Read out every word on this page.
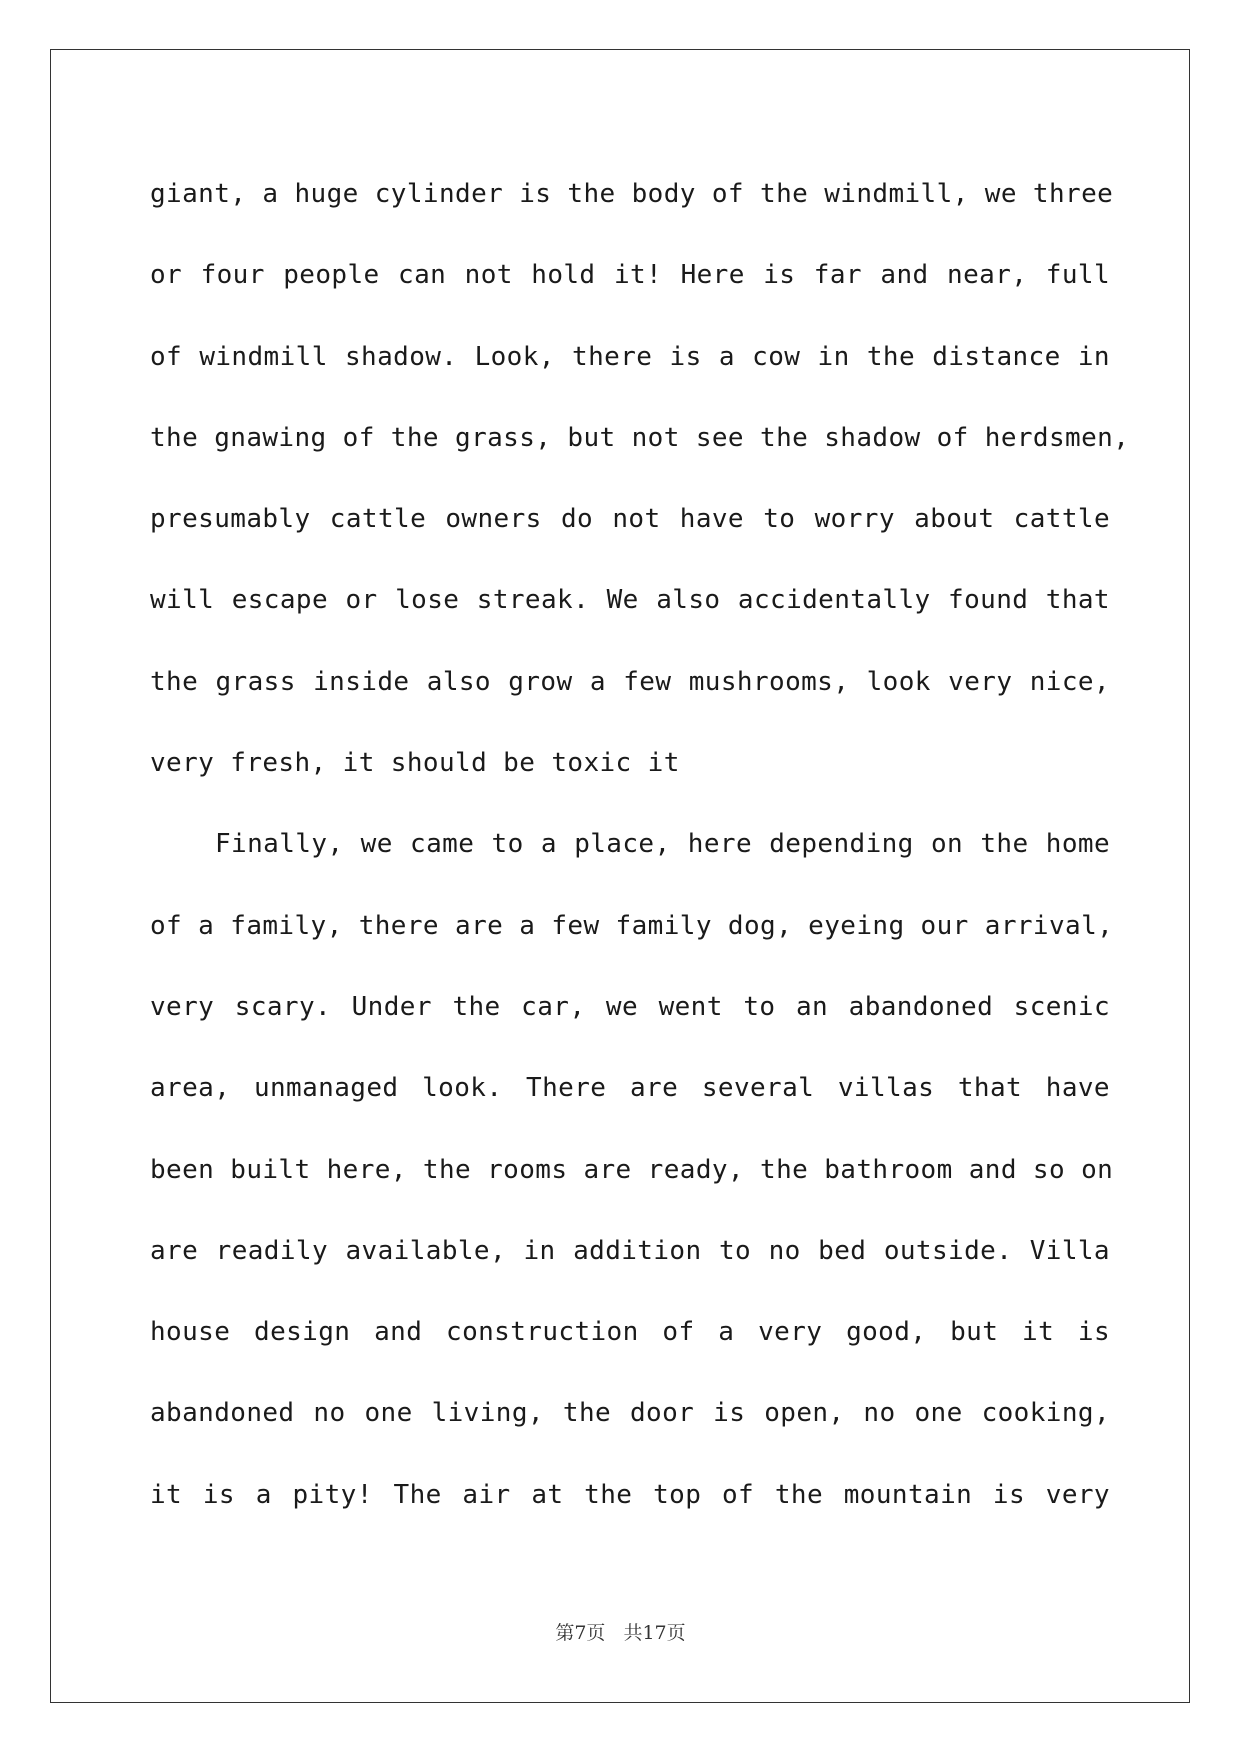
giant, a huge cylinder is the body of the windmill, we three
or four people can not hold it! Here is far and near, full
of windmill shadow. Look, there is a cow in the distance in
the gnawing of the grass, but not see the shadow of herdsmen,
presumably cattle owners do not have to worry about cattle
will escape or lose streak. We also accidentally found that
the grass inside also grow a few mushrooms, look very nice,
very fresh, it should be toxic it
Finally, we came to a place, here depending on the home
of a family, there are a few family dog, eyeing our arrival,
very scary. Under the car, we went to an abandoned scenic
area, unmanaged look. There are several villas that have
been built here, the rooms are ready, the bathroom and so on
are readily available, in addition to no bed outside. Villa
house design and construction of a very good, but it is
abandoned no one living, the door is open, no one cooking,
it is a pity! The air at the top of the mountain is very
第7页 共17页
